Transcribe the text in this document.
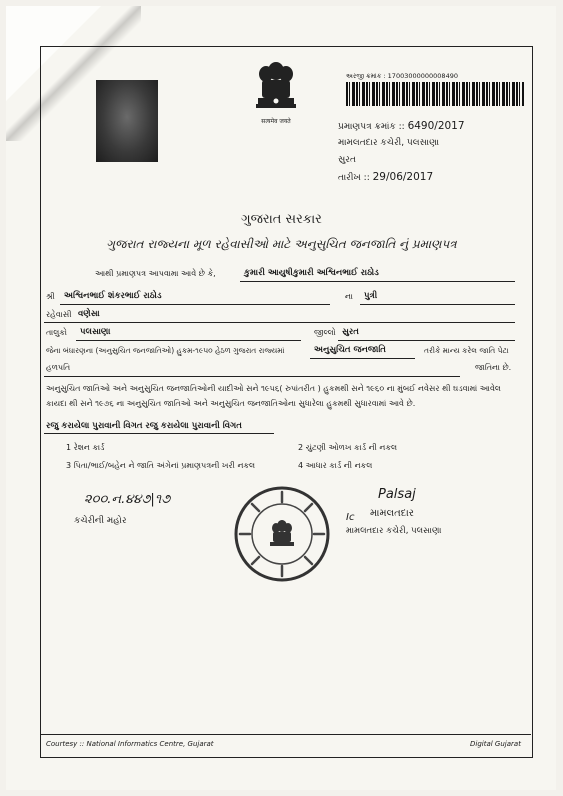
सत्यमेव जयते
અરજી ક્રમાંક : 17003000000008490
પ્રમાણપત્ર ક્રમાંક :: 6490/2017
મામલતદાર કચેરી, પલસાણા
સુરત
તારીખ :: 29/06/2017
ગુજરાત સરકાર
ગુજરાત રાજ્યના મૂળ રહેવાસીઓ માટે અનુસુચિત જનજાતિ નું પ્રમાણપત્ર
આથી પ્રમાણપત્ર આપવામા આવે છે કે,	કુમારી આયુષીકુમારી અશ્વિનભાઈ રાઠોડ
શ્રી અશ્વિનભાઈ શંકરભાઈ રાઠોડ	ના પુત્રી
રહેવાસી વણેસા
તાલુકો પલસાણા	જીલ્લો સુરત
જેના બંધારણના (અનુસુચિત જનજાતિઓ) હુકમ-૧૯૫૦ હેઠળ ગુજરાત રાજ્યમાં	અનુસુચિત જનજાતિ	તરીકે માન્ય કરેલ જાતિ પેટા
હળપતિ	જાતિના છે.
અનુસુચિત જાતિઓ અને અનુસુચિત જનજાતિઓની યાદીઓ સને ૧૯૫૬( રુપાંતરીત ) હુકમથી સને ૧૯૬૦ ના મુંબઈ નવેસર થી ઘડવામાં આવેલ કાયદા થી સને ૧૯૭૬ ના અનુસુચિત જાતિઓ અને અનુસુચિત જનજાતિઓના સુધારેલા હુકમથી સુધારવામાં આવે છે.
રજુ કરાયેલા પુરાવાની વિગત રજુ કરાયેલા પુરાવાની વિગત
1 રેશન કાર્ડ	2 ચુંટણી ઓળખ કાર્ડ ની નકલ
3 પિતા/ભાઈ/બહેન ને જાતિ અંગેનાં પ્રમાણપત્રની ખરી નકલ	4 આધાર કાર્ડ ની નકલ
૨૦૦.ન.૪૪૭|૧૭
કચેરીની મહોર
Palsaj
Ic મામલતદાર
મામલતદાર કચેરી, પલસાણા
Courtesy :: National Informatics Centre, Gujarat	Digital Gujarat
